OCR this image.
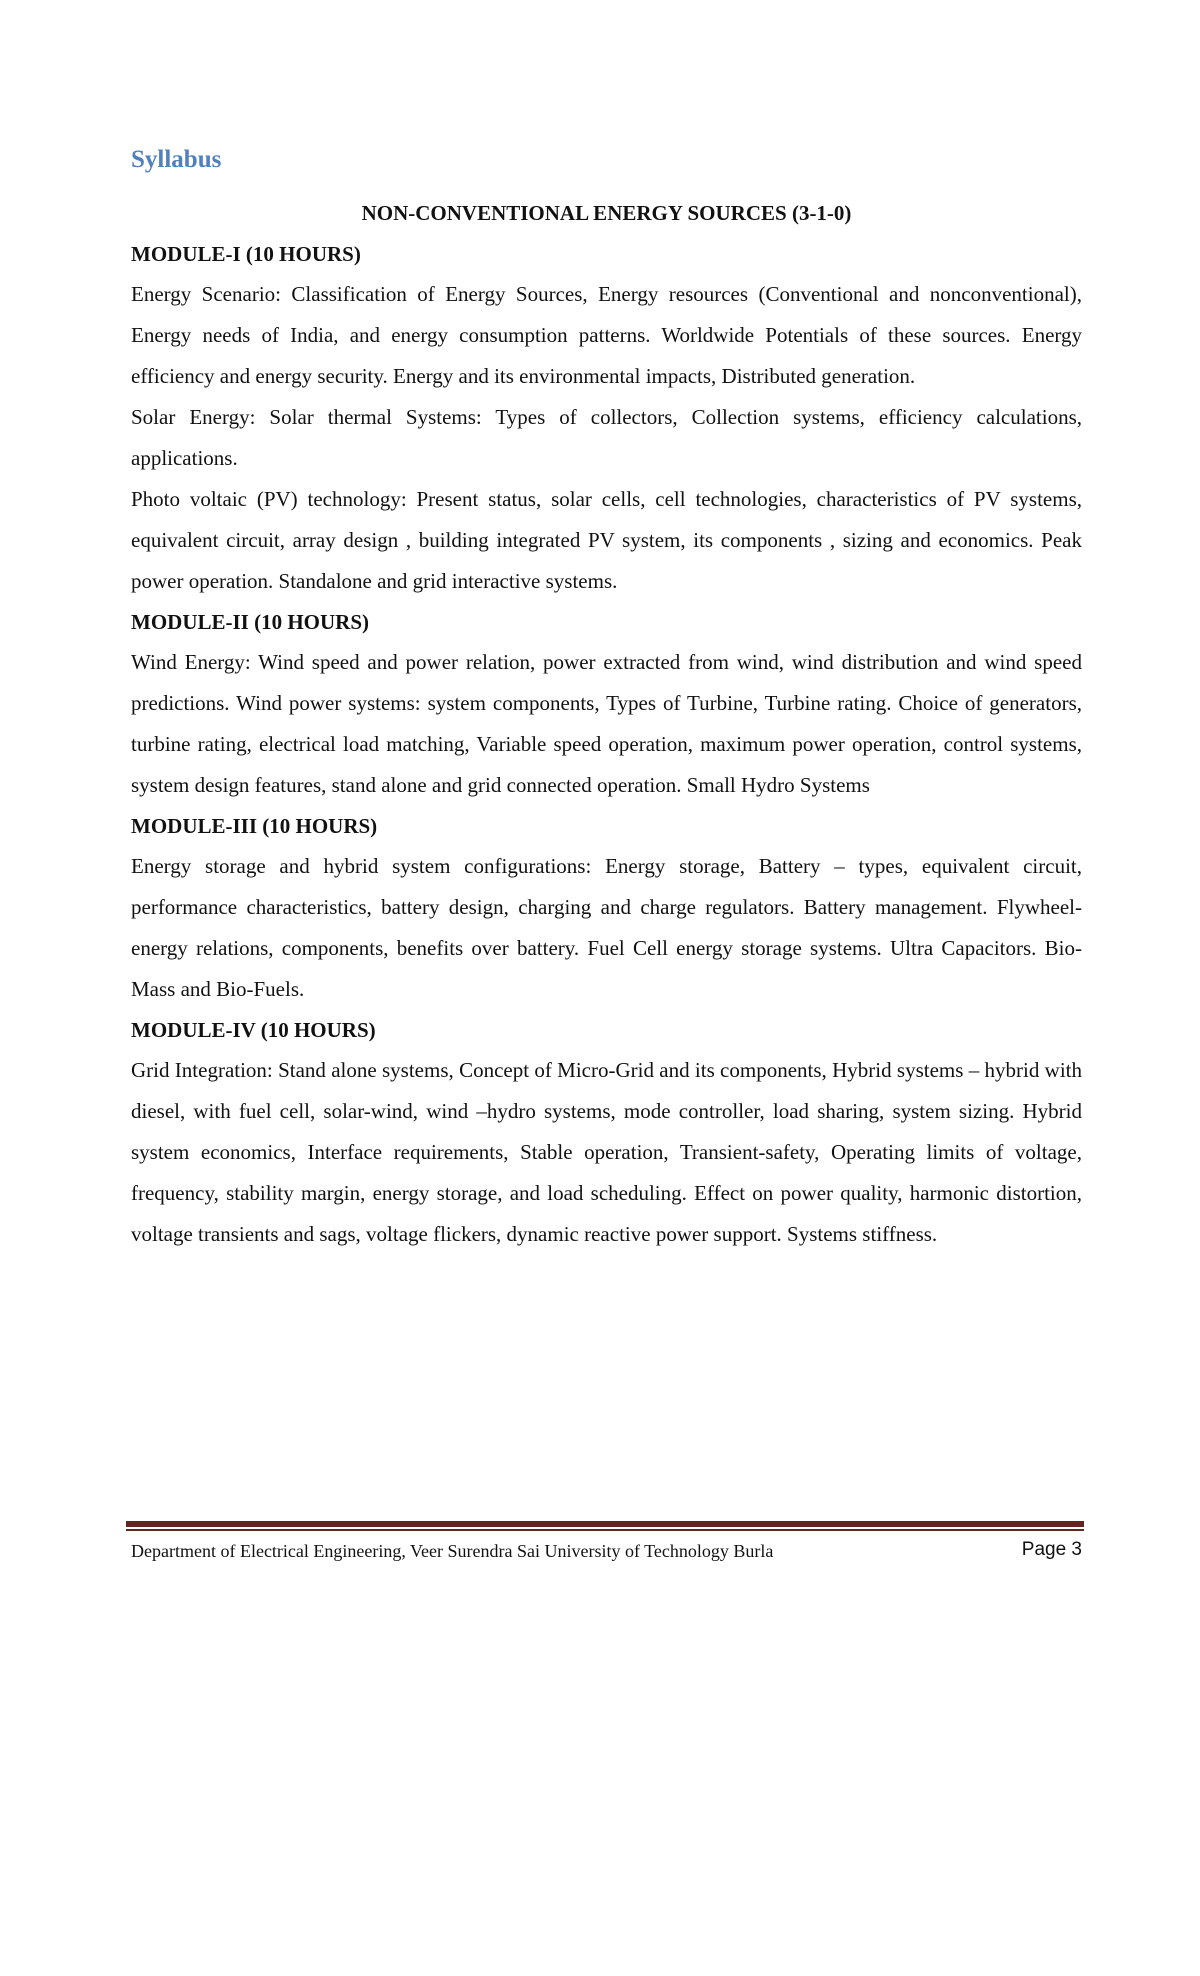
Syllabus
NON-CONVENTIONAL ENERGY SOURCES (3-1-0)
MODULE-I (10 HOURS)

Energy Scenario: Classification of Energy Sources, Energy resources (Conventional and nonconventional), Energy needs of India, and energy consumption patterns. Worldwide Potentials of these sources. Energy efficiency and energy security. Energy and its environmental impacts, Distributed generation.

Solar Energy: Solar thermal Systems: Types of collectors, Collection systems, efficiency calculations, applications.

Photo voltaic (PV) technology: Present status, solar cells, cell technologies, characteristics of PV systems, equivalent circuit, array design , building integrated PV system, its components , sizing and economics. Peak power operation. Standalone and grid interactive systems.

MODULE-II (10 HOURS)

Wind Energy: Wind speed and power relation, power extracted from wind, wind distribution and wind speed predictions. Wind power systems: system components, Types of Turbine, Turbine rating. Choice of generators, turbine rating, electrical load matching, Variable speed operation, maximum power operation, control systems, system design features, stand alone and grid connected operation. Small Hydro Systems

MODULE-III (10 HOURS)

Energy storage and hybrid system configurations: Energy storage, Battery – types, equivalent circuit, performance characteristics, battery design, charging and charge regulators. Battery management. Flywheel-energy relations, components, benefits over battery. Fuel Cell energy storage systems. Ultra Capacitors. Bio-Mass and Bio-Fuels.

MODULE-IV (10 HOURS)

Grid Integration: Stand alone systems, Concept of Micro-Grid and its components, Hybrid systems – hybrid with diesel, with fuel cell, solar-wind, wind –hydro systems, mode controller, load sharing, system sizing. Hybrid system economics, Interface requirements, Stable operation, Transient-safety, Operating limits of voltage, frequency, stability margin, energy storage, and load scheduling. Effect on power quality, harmonic distortion, voltage transients and sags, voltage flickers, dynamic reactive power support. Systems stiffness.

Department of Electrical Engineering, Veer Surendra Sai University of Technology Burla	Page 3
